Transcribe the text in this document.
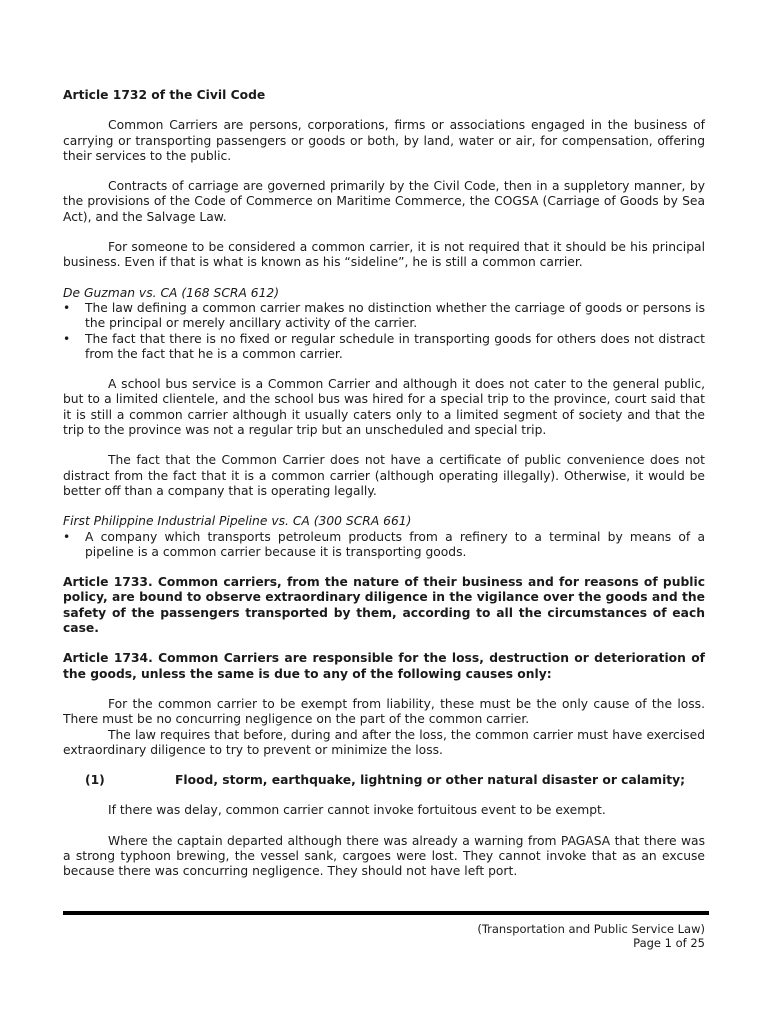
Article 1732 of the Civil Code

Common Carriers are persons, corporations, firms or associations engaged in the business of carrying or transporting passengers or goods or both, by land, water or air, for compensation, offering their services to the public.

Contracts of carriage are governed primarily by the Civil Code, then in a suppletory manner, by the provisions of the Code of Commerce on Maritime Commerce, the COGSA (Carriage of Goods by Sea Act), and the Salvage Law.

For someone to be considered a common carrier, it is not required that it should be his principal business. Even if that is what is known as his “sideline”, he is still a common carrier.

De Guzman vs. CA (168 SCRA 612)

• The law defining a common carrier makes no distinction whether the carriage of goods or persons is the principal or merely ancillary activity of the carrier.
• The fact that there is no fixed or regular schedule in transporting goods for others does not distract from the fact that he is a common carrier.

A school bus service is a Common Carrier and although it does not cater to the general public, but to a limited clientele, and the school bus was hired for a special trip to the province, court said that it is still a common carrier although it usually caters only to a limited segment of society and that the trip to the province was not a regular trip but an unscheduled and special trip.

The fact that the Common Carrier does not have a certificate of public convenience does not distract from the fact that it is a common carrier (although operating illegally). Otherwise, it would be better off than a company that is operating legally.

First Philippine Industrial Pipeline vs. CA (300 SCRA 661)

• A company which transports petroleum products from a refinery to a terminal by means of a pipeline is a common carrier because it is transporting goods.

Article 1733. Common carriers, from the nature of their business and for reasons of public policy, are bound to observe extraordinary diligence in the vigilance over the goods and the safety of the passengers transported by them, according to all the circumstances of each case.

Article 1734. Common Carriers are responsible for the loss, destruction or deterioration of the goods, unless the same is due to any of the following causes only:

For the common carrier to be exempt from liability, these must be the only cause of the loss. There must be no concurring negligence on the part of the common carrier.

The law requires that before, during and after the loss, the common carrier must have exercised extraordinary diligence to try to prevent or minimize the loss.

(1)	Flood, storm, earthquake, lightning or other natural disaster or calamity;

If there was delay, common carrier cannot invoke fortuitous event to be exempt.

Where the captain departed although there was already a warning from PAGASA that there was a strong typhoon brewing, the vessel sank, cargoes were lost. They cannot invoke that as an excuse because there was concurring negligence. They should not have left port.

(Transportation and Public Service Law)
Page 1 of 25
